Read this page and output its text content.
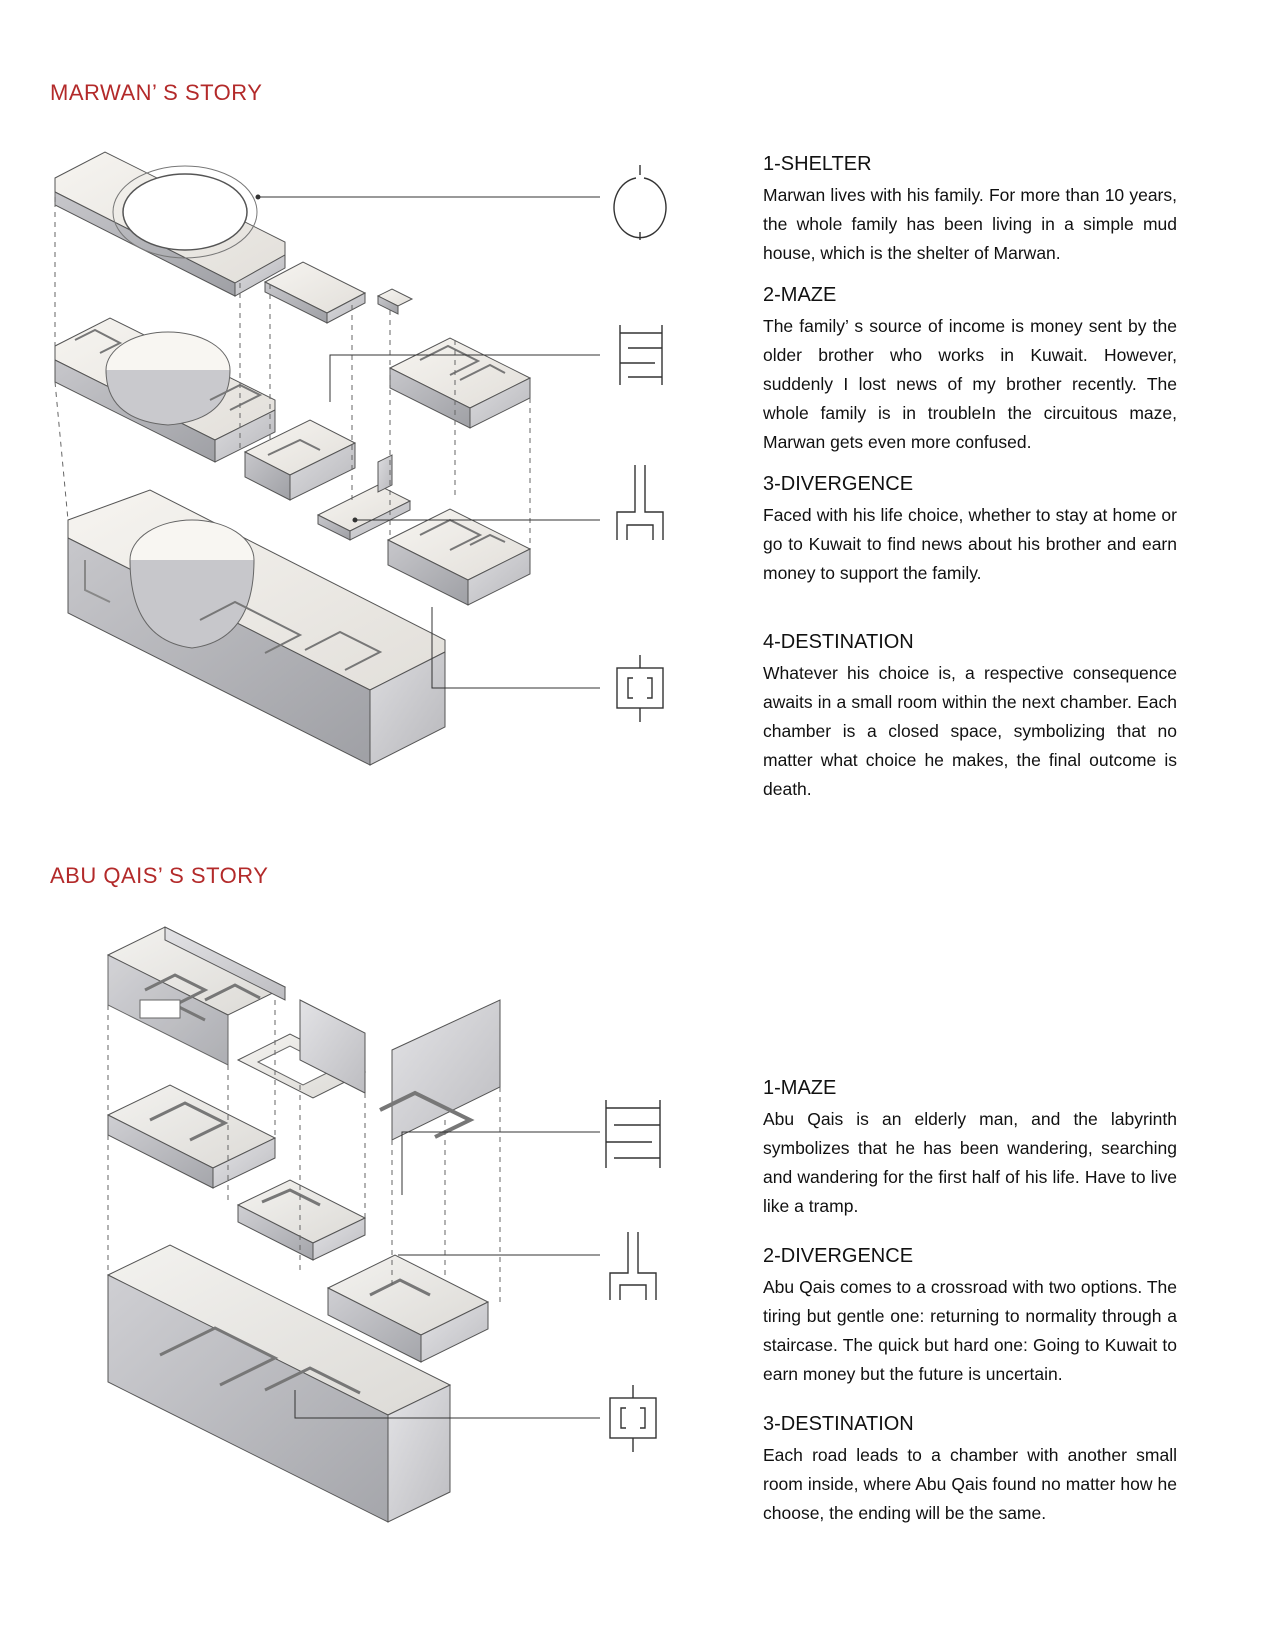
MARWAN’ S STORY
ABU QAIS’ S STORY
1-SHELTER

Marwan lives with his family. For more than 10 years, the whole family has been living in a simple mud house, which is the shelter of Marwan.

2-MAZE

The family’ s source of income is money sent by the older brother who works in Kuwait. However, suddenly I lost news of my brother recently. The whole family is in troubleIn the circuitous maze, Marwan gets even more confused.

3-DIVERGENCE

Faced with his life choice, whether to stay at home or go to Kuwait to find news about his brother and earn money to support the family.

4-DESTINATION

Whatever his choice is, a respective consequence awaits in a small room within the next chamber. Each chamber is a closed space, symbolizing that no matter what choice he makes, the final outcome is death.

1-MAZE

Abu Qais is an elderly man, and the labyrinth symbolizes that he has been wandering, searching and wandering for the first half of his life. Have to live like a tramp.

2-DIVERGENCE

Abu Qais comes to a crossroad with two options. The tiring but gentle one: returning to normality through a staircase. The quick but hard one: Going to Kuwait to earn money but the future is uncertain.

3-DESTINATION

Each road leads to a chamber with another small room inside, where Abu Qais found no matter how he choose, the ending will be the same.
